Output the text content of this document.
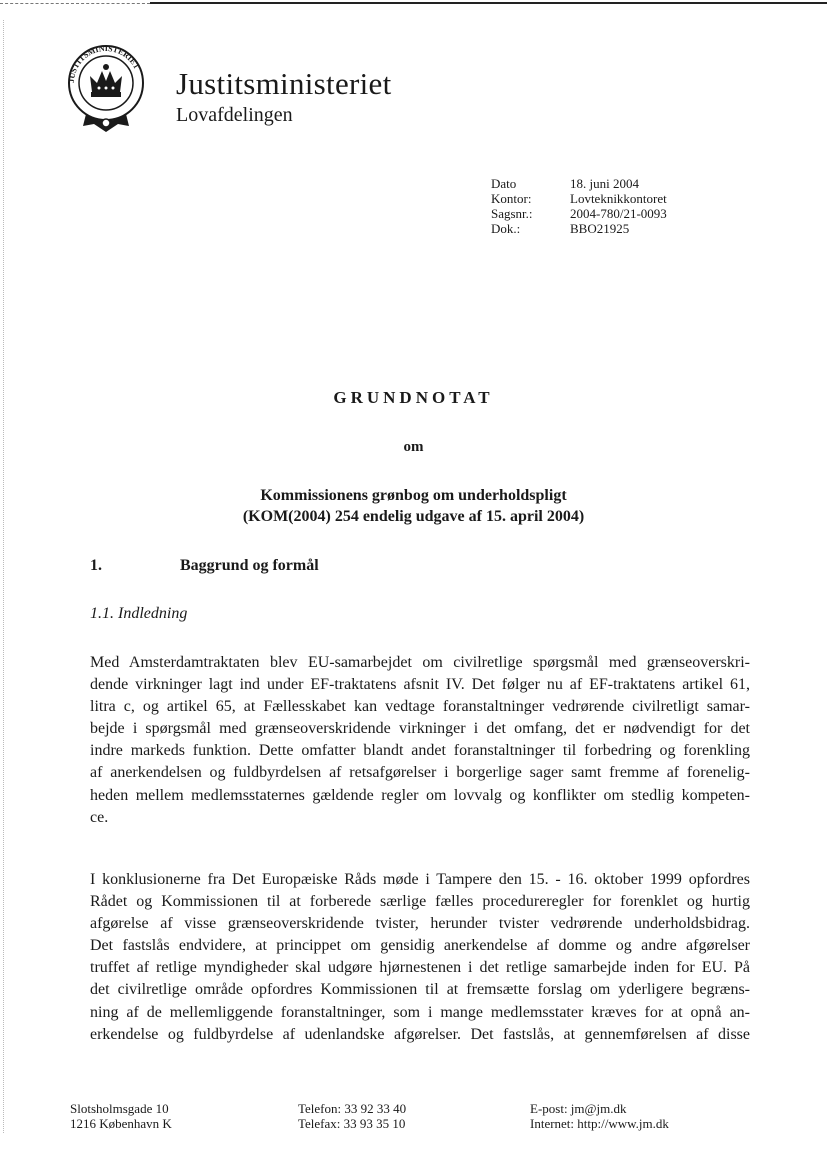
JUSTITSMINISTERIET Justitsministeriet
Lovafdelingen
Dato	18. juni 2004
Kontor:	Lovteknikkontoret
Sagsnr.:	2004-780/21-0093
Dok.:	BBO21925
GRUNDNOTAT
om
Kommissionens grønbog om underholdspligt
(KOM(2004) 254 endelig udgave af 15. april 2004)
1.	Baggrund og formål
1.1. Indledning

Med Amsterdamtraktaten blev EU-samarbejdet om civilretlige spørgsmål med grænseoverskri-
dende virkninger lagt ind under EF-traktatens afsnit IV. Det følger nu af EF-traktatens artikel 61,
litra c, og artikel 65, at Fællesskabet kan vedtage foranstaltninger vedrørende civilretligt samar-
bejde i spørgsmål med grænseoverskridende virkninger i det omfang, det er nødvendigt for det
indre markeds funktion. Dette omfatter blandt andet foranstaltninger til forbedring og forenkling
af anerkendelsen og fuldbyrdelsen af retsafgørelser i borgerlige sager samt fremme af forenelig-
heden mellem medlemsstaternes gældende regler om lovvalg og konflikter om stedlig kompeten-
ce.

I konklusionerne fra Det Europæiske Råds møde i Tampere den 15. - 16. oktober 1999 opfordres
Rådet og Kommissionen til at forberede særlige fælles procedureregler for forenklet og hurtig
afgørelse af visse grænseoverskridende tvister, herunder tvister vedrørende underholdsbidrag.
Det fastslås endvidere, at princippet om gensidig anerkendelse af domme og andre afgørelser
truffet af retlige myndigheder skal udgøre hjørnestenen i det retlige samarbejde inden for EU. På
det civilretlige område opfordres Kommissionen til at fremsætte forslag om yderligere begræns-
ning af de mellemliggende foranstaltninger, som i mange medlemsstater kræves for at opnå an-
erkendelse og fuldbyrdelse af udenlandske afgørelser. Det fastslås, at gennemførelsen af disse

Slotsholmsgade 10
1216 København K
Telefon: 33 92 33 40
Telefax: 33 93 35 10
E-post: jm@jm.dk
Internet: http://www.jm.dk
